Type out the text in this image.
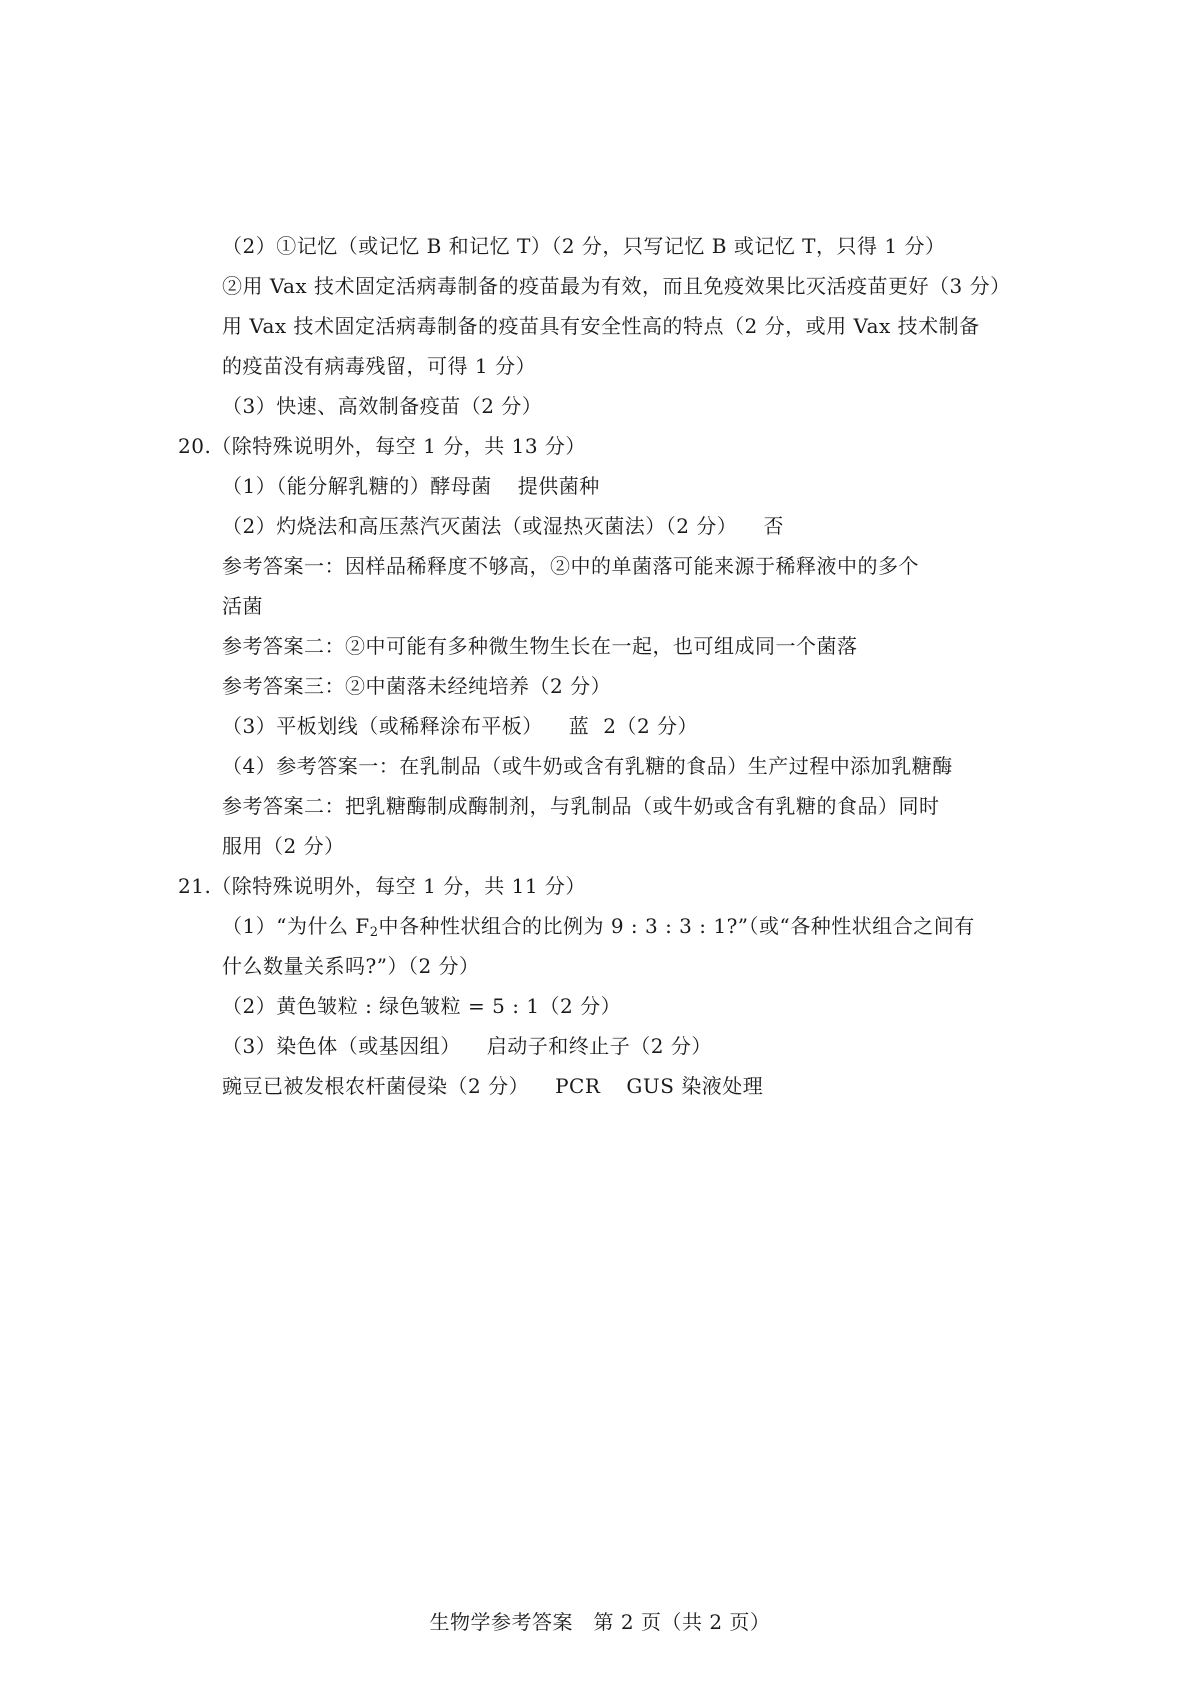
（2）①记忆（或记忆 B 和记忆 T）（2 分，只写记忆 B 或记忆 T，只得 1 分）
②用 Vax 技术固定活病毒制备的疫苗最为有效，而且免疫效果比灭活疫苗更好（3 分）
用 Vax 技术固定活病毒制备的疫苗具有安全性高的特点（2 分，或用 Vax 技术制备
的疫苗没有病毒残留，可得 1 分）
（3）快速、高效制备疫苗（2 分）
20.（除特殊说明外，每空 1 分，共 13 分）
（1）（能分解乳糖的）酵母菌 提供菌种
（2）灼烧法和高压蒸汽灭菌法（或湿热灭菌法）（2 分） 否
参考答案一：因样品稀释度不够高，②中的单菌落可能来源于稀释液中的多个
活菌
参考答案二：②中可能有多种微生物生长在一起，也可组成同一个菌落
参考答案三：②中菌落未经纯培养（2 分）
（3）平板划线（或稀释涂布平板） 蓝 2（2 分）
（4）参考答案一：在乳制品（或牛奶或含有乳糖的食品）生产过程中添加乳糖酶
参考答案二：把乳糖酶制成酶制剂，与乳制品（或牛奶或含有乳糖的食品）同时
服用（2 分）
21.（除特殊说明外，每空 1 分，共 11 分）
（1）“为什么 $F_2$中各种性状组合的比例为 9 : 3 : 3 : 1?”（或“各种性状组合之间有
什么数量关系吗?”）（2 分）
（2）黄色皱粒 : 绿色皱粒 = 5 : 1（2 分）
（3）染色体（或基因组） 启动子和终止子（2 分）
豌豆已被发根农杆菌侵染（2 分） PCR GUS 染液处理
生物学参考答案　第 2 页（共 2 页）
